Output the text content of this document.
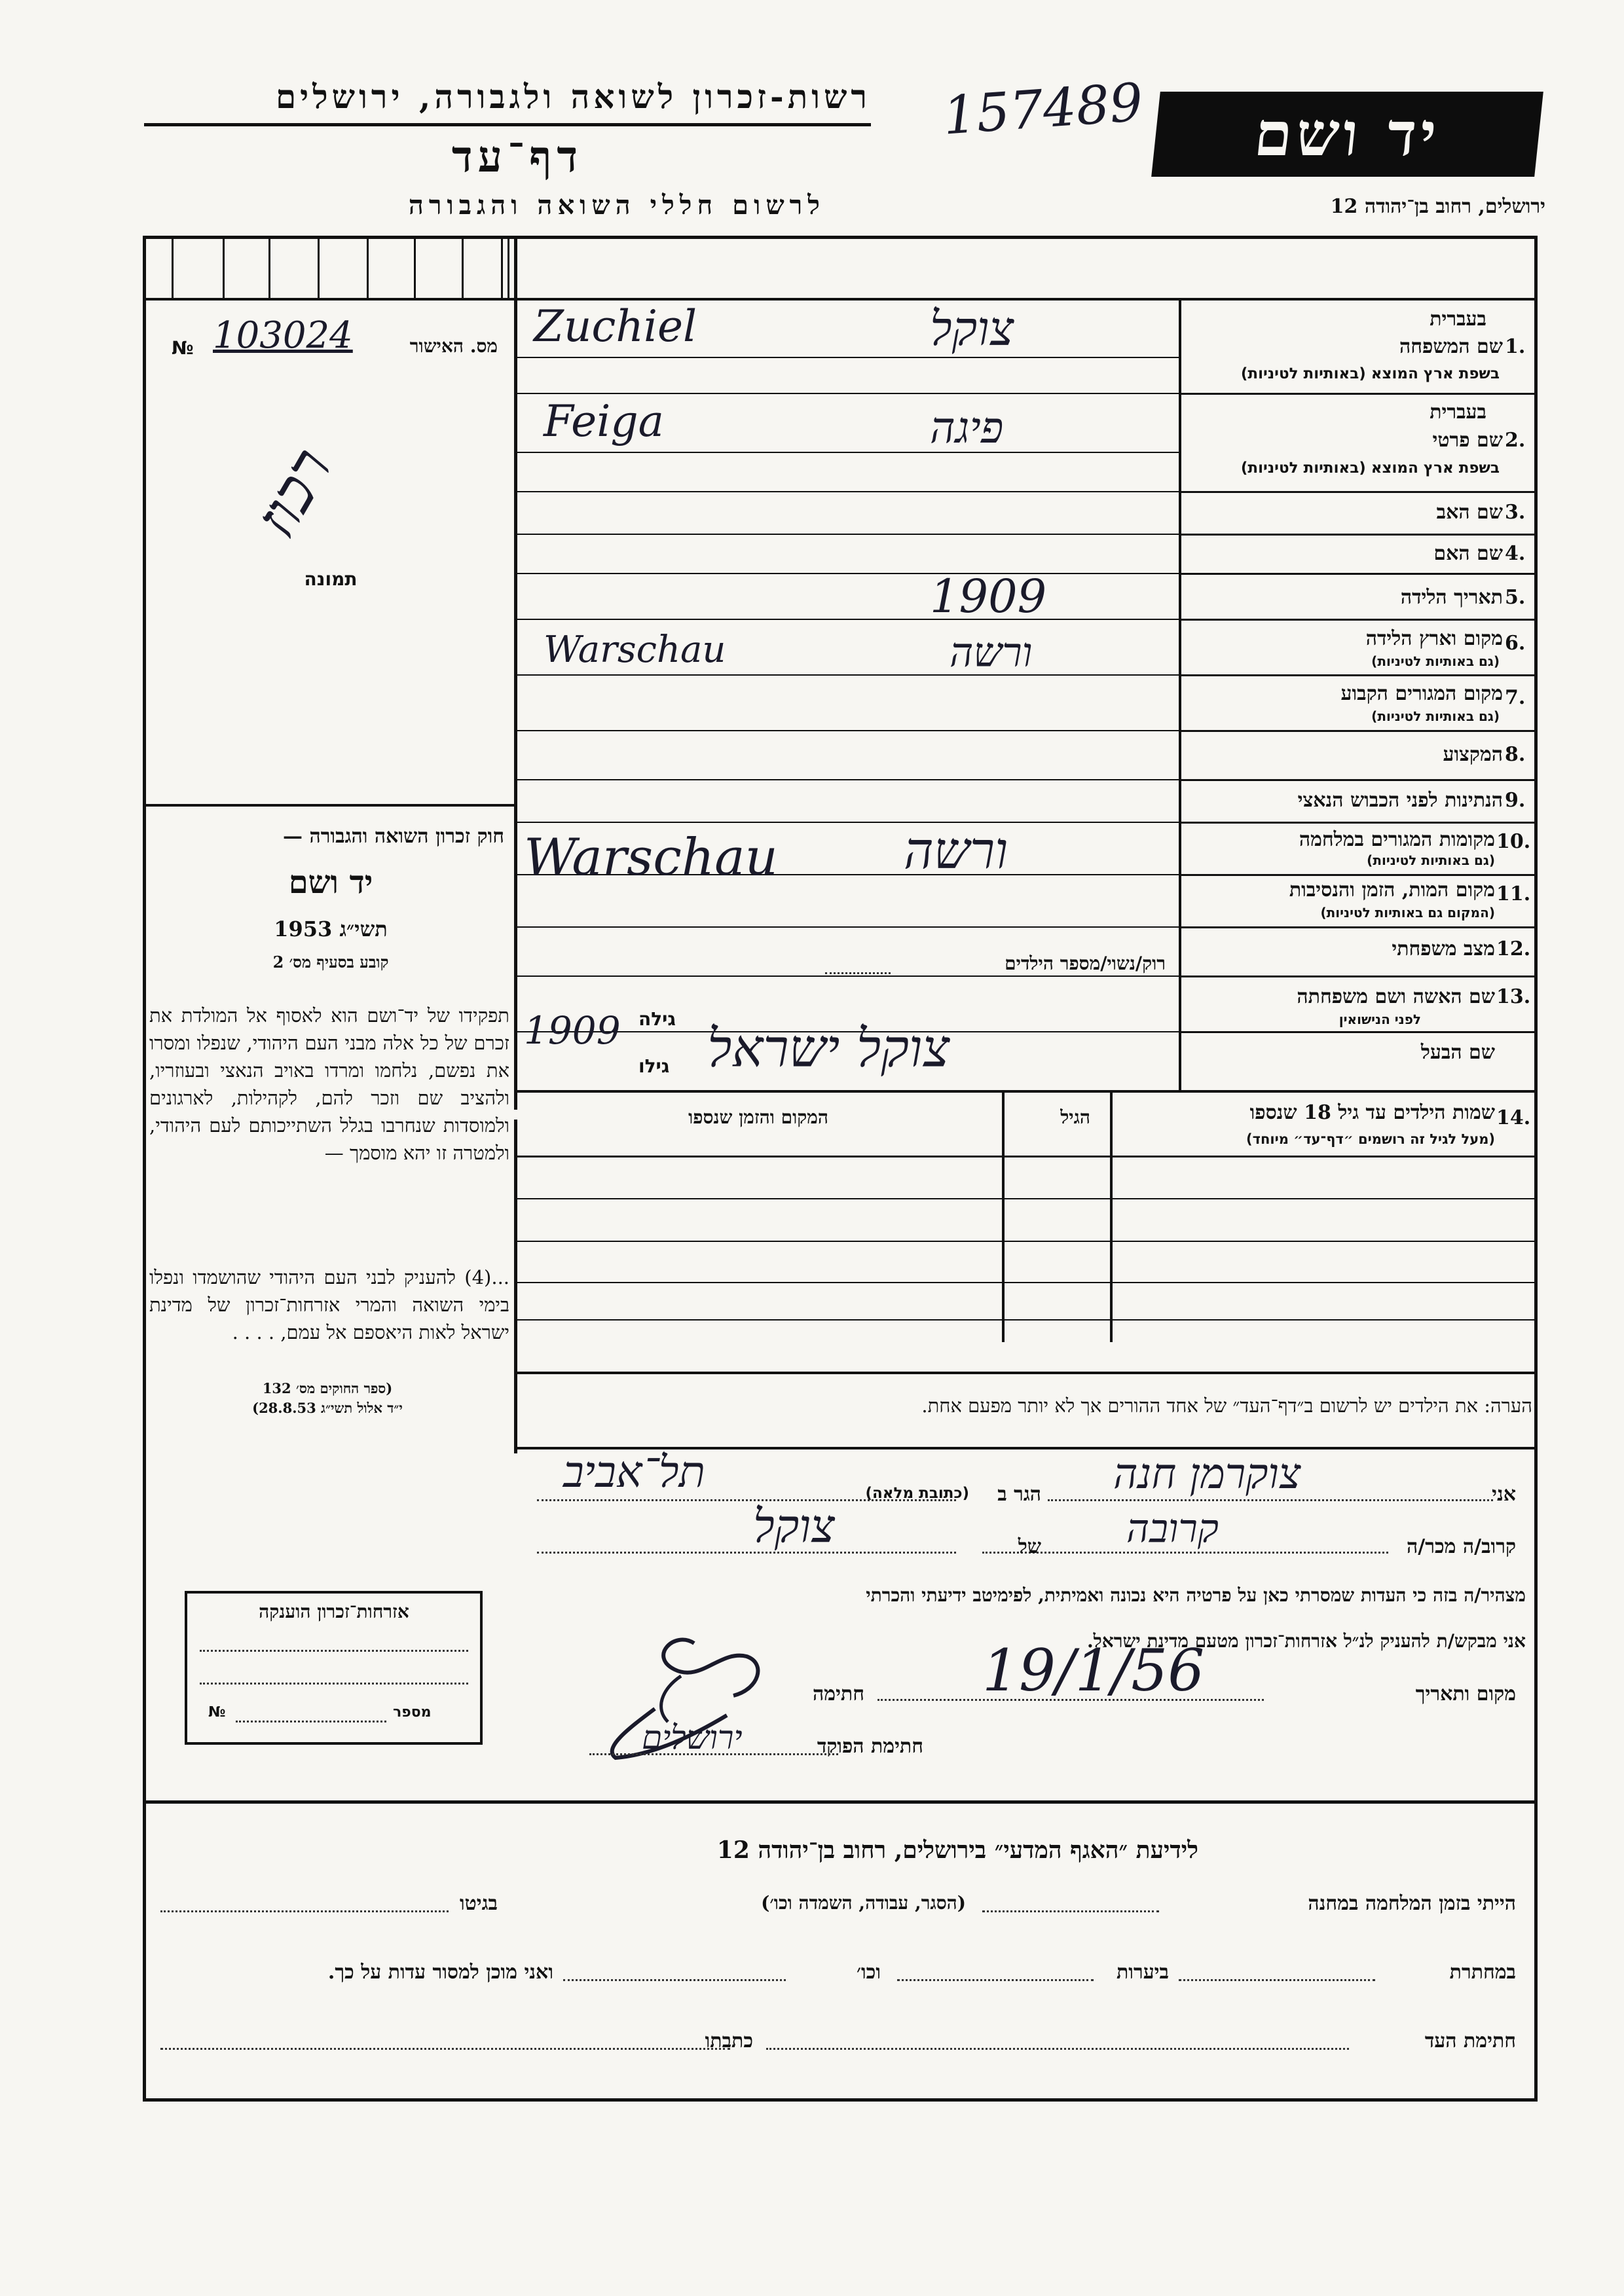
רשות-זכרון לשואה ולגבורה, ירושלים
דף־עד
לרשום חללי השואה והגבורה
157489	יד ושם
ירושלים, רחוב בן־יהודה 12
№ 103024	מס. האישור
רכוז
תמונה
חוק זכרון השואה והגבורה —
יד ושם
תשי״ג 1953
קובע בסעיף מס׳ 2
תפקידו של יד־ושם הוא לאסוף אל המולדת את זכרם של כל אלה מבני העם היהודי, שנפלו ומסרו את נפשם, נלחמו ומרדו באויב הנאצי ובעוזריו, ולהציב שם וזכר להם, לקהילות, לארגונים ולמוסדות שנחרבו בגלל השתייכותם לעם היהודי, ולמטרה זו יהא מוסמך —
...(4) להעניק לבני העם היהודי שהושמדו ונפלו בימי השואה והמרי אזרחות־זכרון של מדינת ישראל לאות היאספם אל עמם, . . . .
(ספר החוקים מס׳ 132
י״ד אלול תשי״ג 28.8.53)
אזרחות־זכרון הוענקה
מספר
№
1.
בעברית
שם המשפחה
בשפת ארץ המוצא (באותיות לטיניות)
Zuchiel	צוקל
2.
בעברית
שם פרטי
בשפת ארץ המוצא (באותיות לטיניות)
Feiga	פיגה
3.
שם האב
4.
שם האם
5.
תאריך הלידה
1909
6.
מקום וארץ הלידה
(גם באותיות לטיניות)
Warschau	ורשה
7.
מקום המגורים הקבוע
(גם באותיות לטיניות)
8.
המקצוע
9.
הנתינות לפני הכבוש הנאצי
10.
מקומות המגורים במלחמה
(גם באותיות לטיניות)
Warschau ורשה
11.
מקום המות, הזמן והנסיבות
(המקום גם באותיות לטיניות)
12.
מצב משפחתי
רוק/נשוי/מספר הילדים
13.
שם האשה ושם משפחתה
לפני הנישואין
גילה
1909
גילו
שם הבעל
צוקל ישראל
14.
שמות הילדים עד גיל 18 שנספו
(מעל לגיל זה רושמים ״דף־עד״ מיוחד)
הגיל
המקום והזמן שנספו
הערה: את הילדים יש לרשום ב״דף־העד״ של אחד ההורים אך לא יותר מפעם אחת.
אני
צוקרמן חנה
הגר ב
(כתובת מלאה)
תל־אביב
קרוב/ה מכר/ה
קרובה
של
צוקל
מצהיר/ה בזה כי העדות שמסרתי כאן על פרטיה היא נכונה ואמיתית, לפימיטב ידיעתי והכרתי
אני מבקש/ת להעניק לנ״ל אזרחות־זכרון מטעם מדינת ישראל.
מקום ותאריך
19/1/56
חתימה
חתימת הפוקד
ירושלים
לידיעת ״האגף המדעי״ בירושלים, רחוב בן־יהודה 12
הייתי בזמן המלחמה במחנה
(הסגר, עבודה, השמדה וכו׳)
בגיטו
במחתרת
ביערות
וכו׳
ואני מוכן למסור עדות על כך.
חתימת העד
כתבתו
